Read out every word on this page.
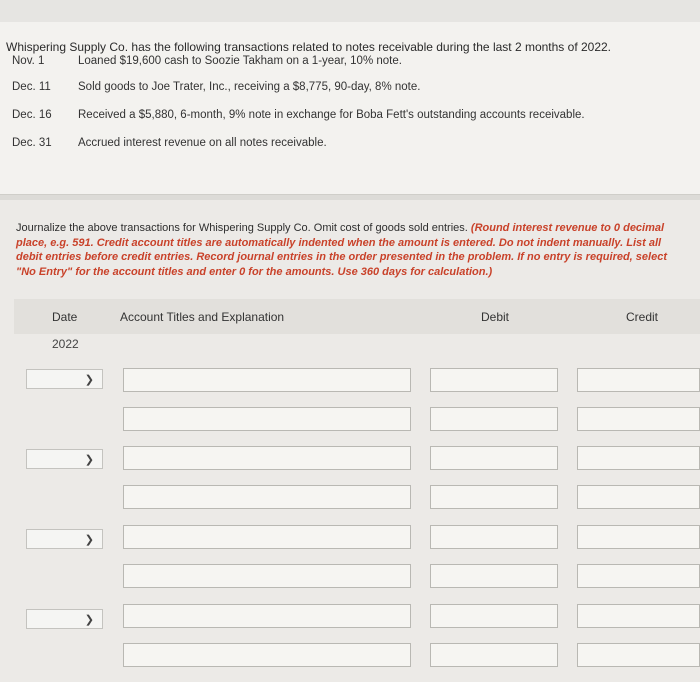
Whispering Supply Co. has the following transactions related to notes receivable during the last 2 months of 2022.
Nov. 1	Loaned $19,600 cash to Soozie Takham on a 1-year, 10% note.
Dec. 11	Sold goods to Joe Trater, Inc., receiving a $8,775, 90-day, 8% note.
Dec. 16	Received a $5,880, 6-month, 9% note in exchange for Boba Fett's outstanding accounts receivable.
Dec. 31	Accrued interest revenue on all notes receivable.
Journalize the above transactions for Whispering Supply Co. Omit cost of goods sold entries. (Round interest revenue to 0 decimal place, e.g. 591. Credit account titles are automatically indented when the amount is entered. Do not indent manually. List all debit entries before credit entries. Record journal entries in the order presented in the problem. If no entry is required, select "No Entry" for the account titles and enter 0 for the amounts. Use 360 days for calculation.)
Date	Account Titles and Explanation	Debit	Credit
2022
❯
❯
❯
❯
